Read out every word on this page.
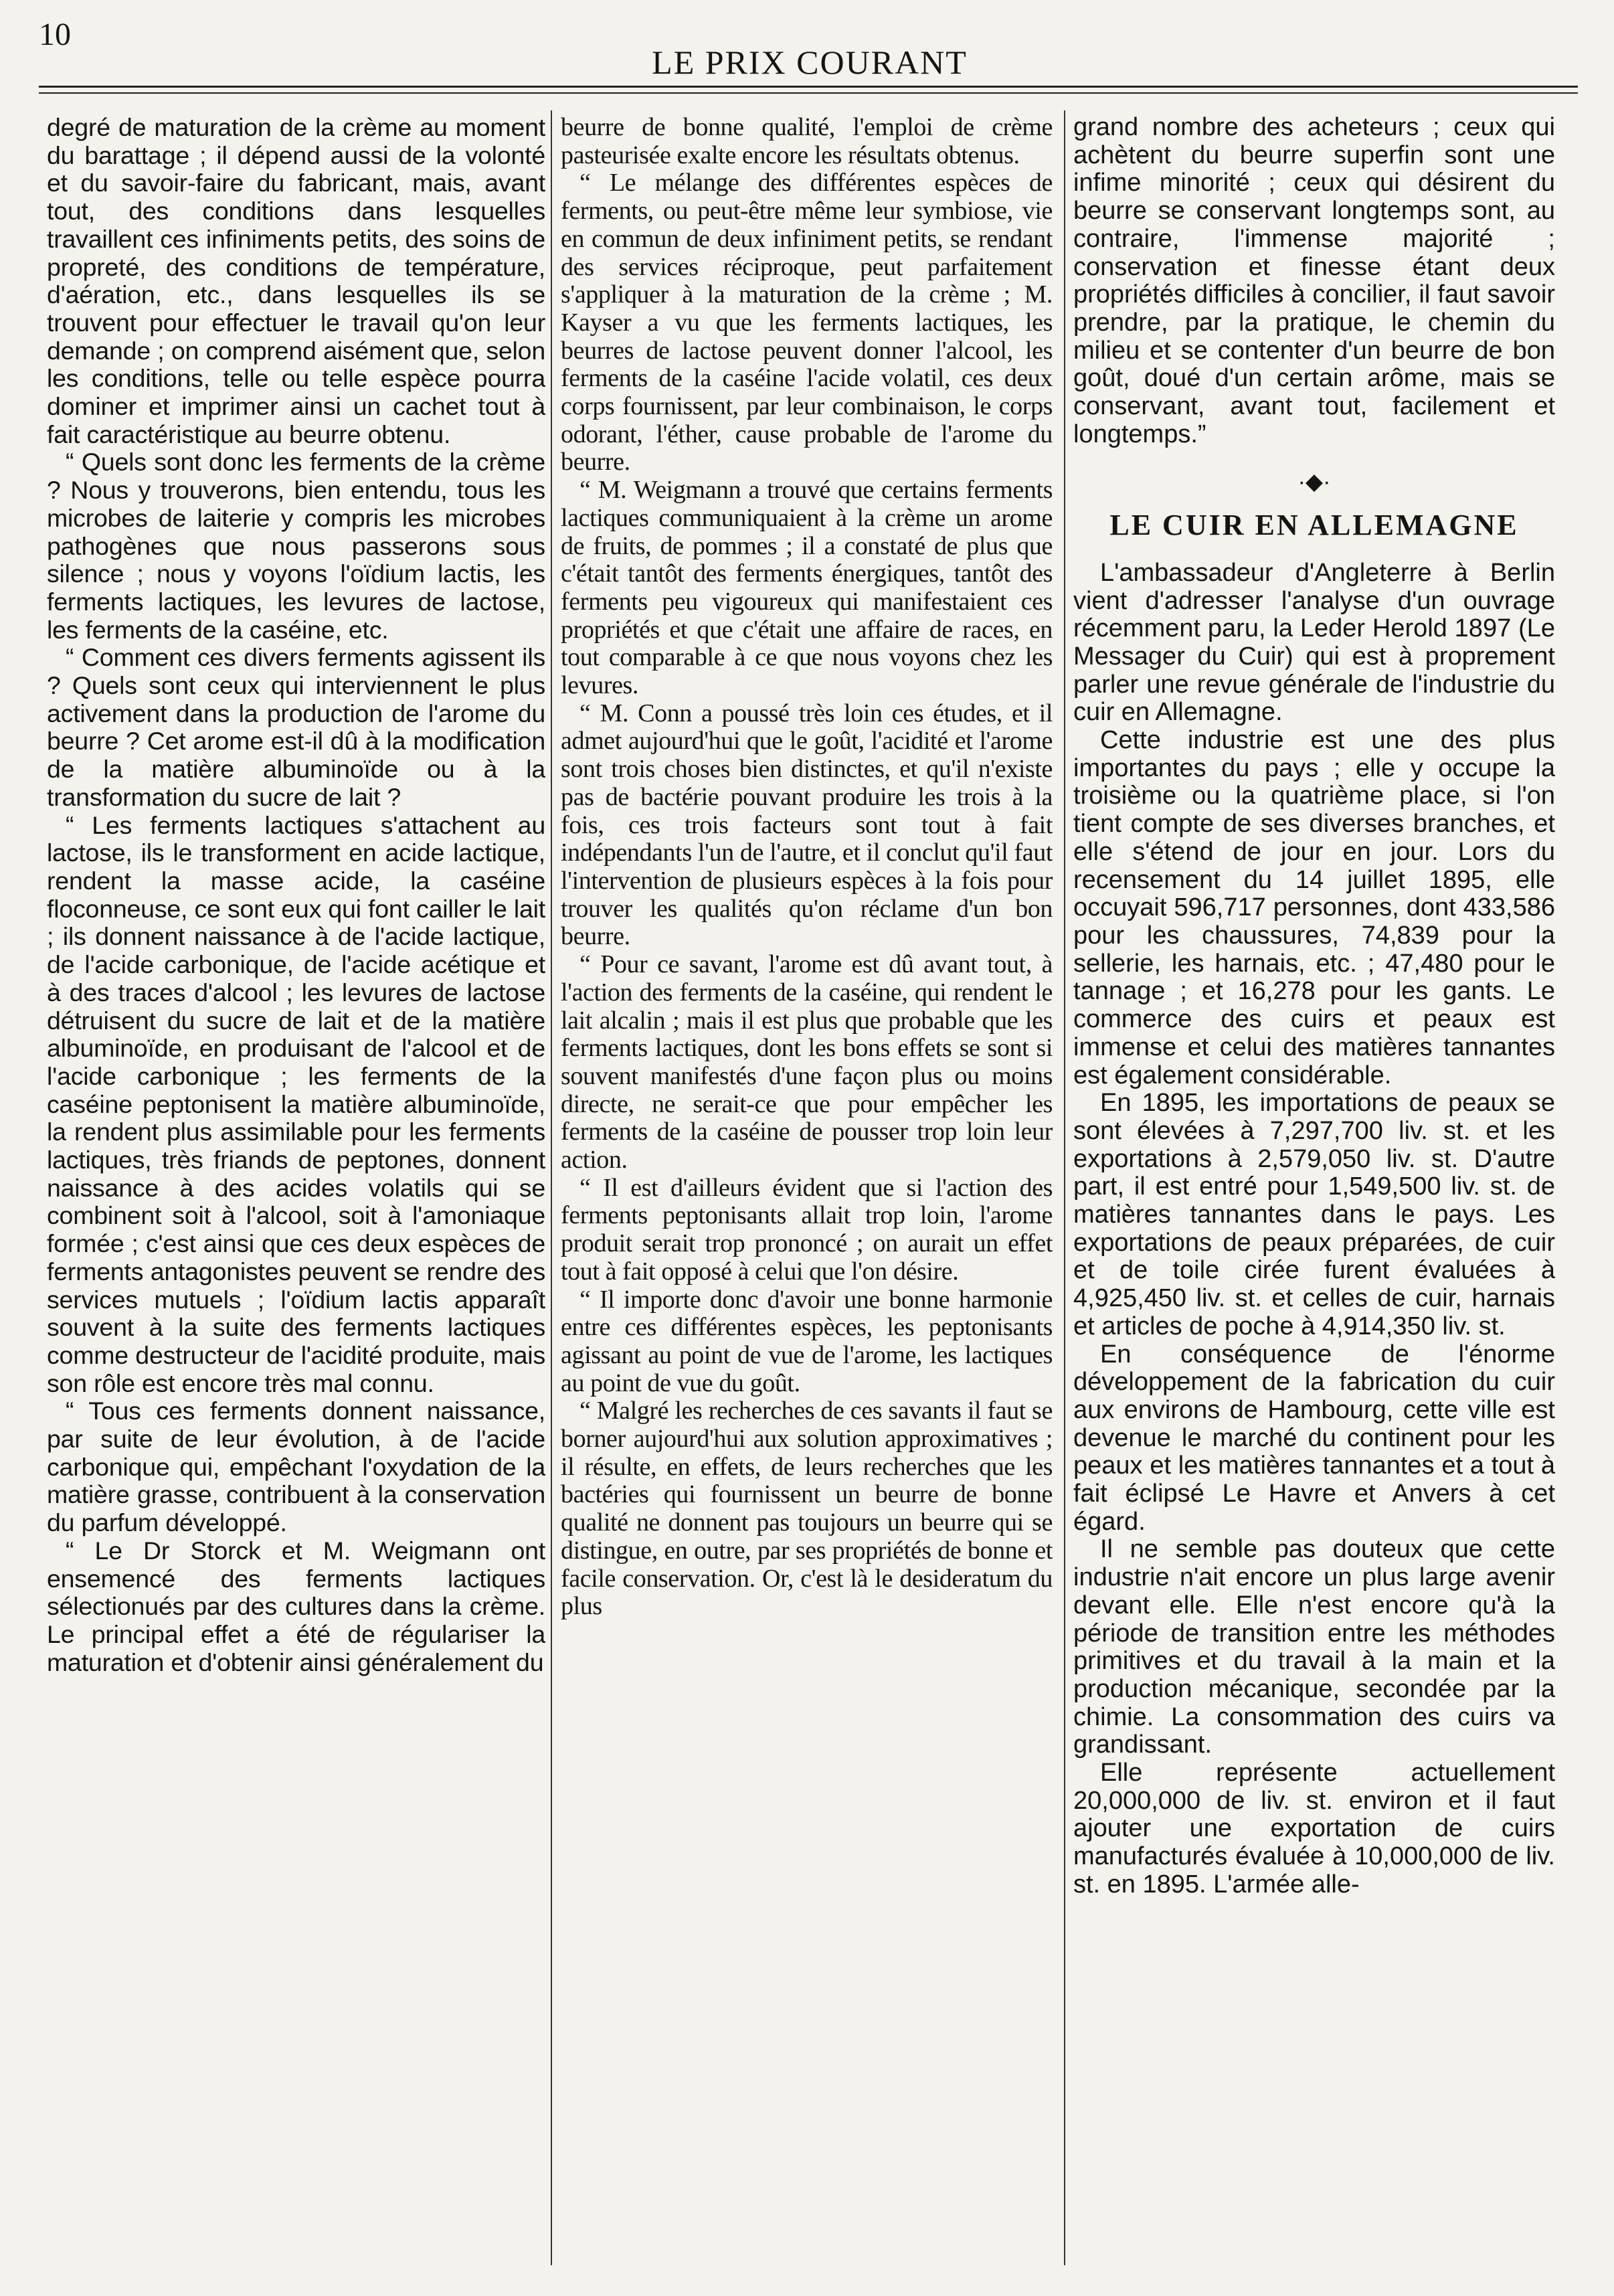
10
LE PRIX COURANT

degré de maturation de la crème au moment du barattage ; il dépend aussi de la volonté et du savoir-faire du fabricant, mais, avant tout, des conditions dans lesquelles travaillent ces infiniments petits, des soins de propreté, des conditions de température, d'aération, etc., dans lesquelles ils se trouvent pour effectuer le travail qu'on leur demande ; on comprend aisément que, selon les conditions, telle ou telle espèce pourra dominer et imprimer ainsi un cachet tout à fait caractéristique au beurre obtenu.

“ Quels sont donc les ferments de la crème ? Nous y trouverons, bien entendu, tous les microbes de laiterie y compris les microbes pathogènes que nous passerons sous silence ; nous y voyons l'oïdium lactis, les ferments lactiques, les levures de lactose, les ferments de la caséine, etc.

“ Comment ces divers ferments agissent ils ? Quels sont ceux qui interviennent le plus activement dans la production de l'arome du beurre ? Cet arome est-il dû à la modification de la matière albuminoïde ou à la transformation du sucre de lait ?

“ Les ferments lactiques s'attachent au lactose, ils le transforment en acide lactique, rendent la masse acide, la caséine floconneuse, ce sont eux qui font cailler le lait ; ils donnent naissance à de l'acide lactique, de l'acide carbonique, de l'acide acétique et à des traces d'alcool ; les levures de lactose détruisent du sucre de lait et de la matière albuminoïde, en produisant de l'alcool et de l'acide carbonique ; les ferments de la caséine peptonisent la matière albuminoïde, la rendent plus assimilable pour les ferments lactiques, très friands de peptones, donnent naissance à des acides volatils qui se combinent soit à l'alcool, soit à l'amoniaque formée ; c'est ainsi que ces deux espèces de ferments antagonistes peuvent se rendre des services mutuels ; l'oïdium lactis apparaît souvent à la suite des ferments lactiques comme destructeur de l'acidité produite, mais son rôle est encore très mal connu.

“ Tous ces ferments donnent naissance, par suite de leur évolution, à de l'acide carbonique qui, empêchant l'oxydation de la matière grasse, contribuent à la conservation du parfum développé.

“ Le Dr Storck et M. Weigmann ont ensemencé des ferments lactiques sélectionués par des cultures dans la crème. Le principal effet a été de régulariser la maturation et d'obtenir ainsi généralement du

beurre de bonne qualité, l'emploi de crème pasteurisée exalte encore les résultats obtenus.

“ Le mélange des différentes espèces de ferments, ou peut-être même leur symbiose, vie en commun de deux infiniment petits, se rendant des services réciproque, peut parfaitement s'appliquer à la maturation de la crème ; M. Kayser a vu que les ferments lactiques, les beurres de lactose peuvent donner l'alcool, les ferments de la caséine l'acide volatil, ces deux corps fournissent, par leur combinaison, le corps odorant, l'éther, cause probable de l'arome du beurre.

“ M. Weigmann a trouvé que certains ferments lactiques communiquaient à la crème un arome de fruits, de pommes ; il a constaté de plus que c'était tantôt des ferments énergiques, tantôt des ferments peu vigoureux qui manifestaient ces propriétés et que c'était une affaire de races, en tout comparable à ce que nous voyons chez les levures.

“ M. Conn a poussé très loin ces études, et il admet aujourd'hui que le goût, l'acidité et l'arome sont trois choses bien distinctes, et qu'il n'existe pas de bactérie pouvant produire les trois à la fois, ces trois facteurs sont tout à fait indépendants l'un de l'autre, et il conclut qu'il faut l'intervention de plusieurs espèces à la fois pour trouver les qualités qu'on réclame d'un bon beurre.

“ Pour ce savant, l'arome est dû avant tout, à l'action des ferments de la caséine, qui rendent le lait alcalin ; mais il est plus que probable que les ferments lactiques, dont les bons effets se sont si souvent manifestés d'une façon plus ou moins directe, ne serait-ce que pour empêcher les ferments de la caséine de pousser trop loin leur action.

“ Il est d'ailleurs évident que si l'action des ferments peptonisants allait trop loin, l'arome produit serait trop prononcé ; on aurait un effet tout à fait opposé à celui que l'on désire.

“ Il importe donc d'avoir une bonne harmonie entre ces différentes espèces, les peptonisants agissant au point de vue de l'arome, les lactiques au point de vue du goût.

“ Malgré les recherches de ces savants il faut se borner aujourd'hui aux solution approximatives ; il résulte, en effets, de leurs recherches que les bactéries qui fournissent un beurre de bonne qualité ne donnent pas toujours un beurre qui se distingue, en outre, par ses propriétés de bonne et facile conservation. Or, c'est là le desideratum du plus

grand nombre des acheteurs ; ceux qui achètent du beurre superfin sont une infime minorité ; ceux qui désirent du beurre se conservant longtemps sont, au contraire, l'immense majorité ; conservation et finesse étant deux propriétés difficiles à concilier, il faut savoir prendre, par la pratique, le chemin du milieu et se contenter d'un beurre de bon goût, doué d'un certain arôme, mais se conservant, avant tout, facilement et longtemps.”

·◆·
LE CUIR EN ALLEMAGNE

L'ambassadeur d'Angleterre à Berlin vient d'adresser l'analyse d'un ouvrage récemment paru, la Leder Herold 1897 (Le Messager du Cuir) qui est à proprement parler une revue générale de l'industrie du cuir en Allemagne.

Cette industrie est une des plus importantes du pays ; elle y occupe la troisième ou la quatrième place, si l'on tient compte de ses diverses branches, et elle s'étend de jour en jour. Lors du recensement du 14 juillet 1895, elle occuyait 596,717 personnes, dont 433,586 pour les chaussures, 74,839 pour la sellerie, les harnais, etc. ; 47,480 pour le tannage ; et 16,278 pour les gants. Le commerce des cuirs et peaux est immense et celui des matières tannantes est également considérable.

En 1895, les importations de peaux se sont élevées à 7,297,700 liv. st. et les exportations à 2,579,050 liv. st. D'autre part, il est entré pour 1,549,500 liv. st. de matières tannantes dans le pays. Les exportations de peaux préparées, de cuir et de toile cirée furent évaluées à 4,925,450 liv. st. et celles de cuir, harnais et articles de poche à 4,914,350 liv. st.

En conséquence de l'énorme développement de la fabrication du cuir aux environs de Hambourg, cette ville est devenue le marché du continent pour les peaux et les matières tannantes et a tout à fait éclipsé Le Havre et Anvers à cet égard.

Il ne semble pas douteux que cette industrie n'ait encore un plus large avenir devant elle. Elle n'est encore qu'à la période de transition entre les méthodes primitives et du travail à la main et la production mécanique, secondée par la chimie. La consommation des cuirs va grandissant.

Elle représente actuellement 20,000,000 de liv. st. environ et il faut ajouter une exportation de cuirs manufacturés évaluée à 10,000,000 de liv. st. en 1895. L'armée alle-
